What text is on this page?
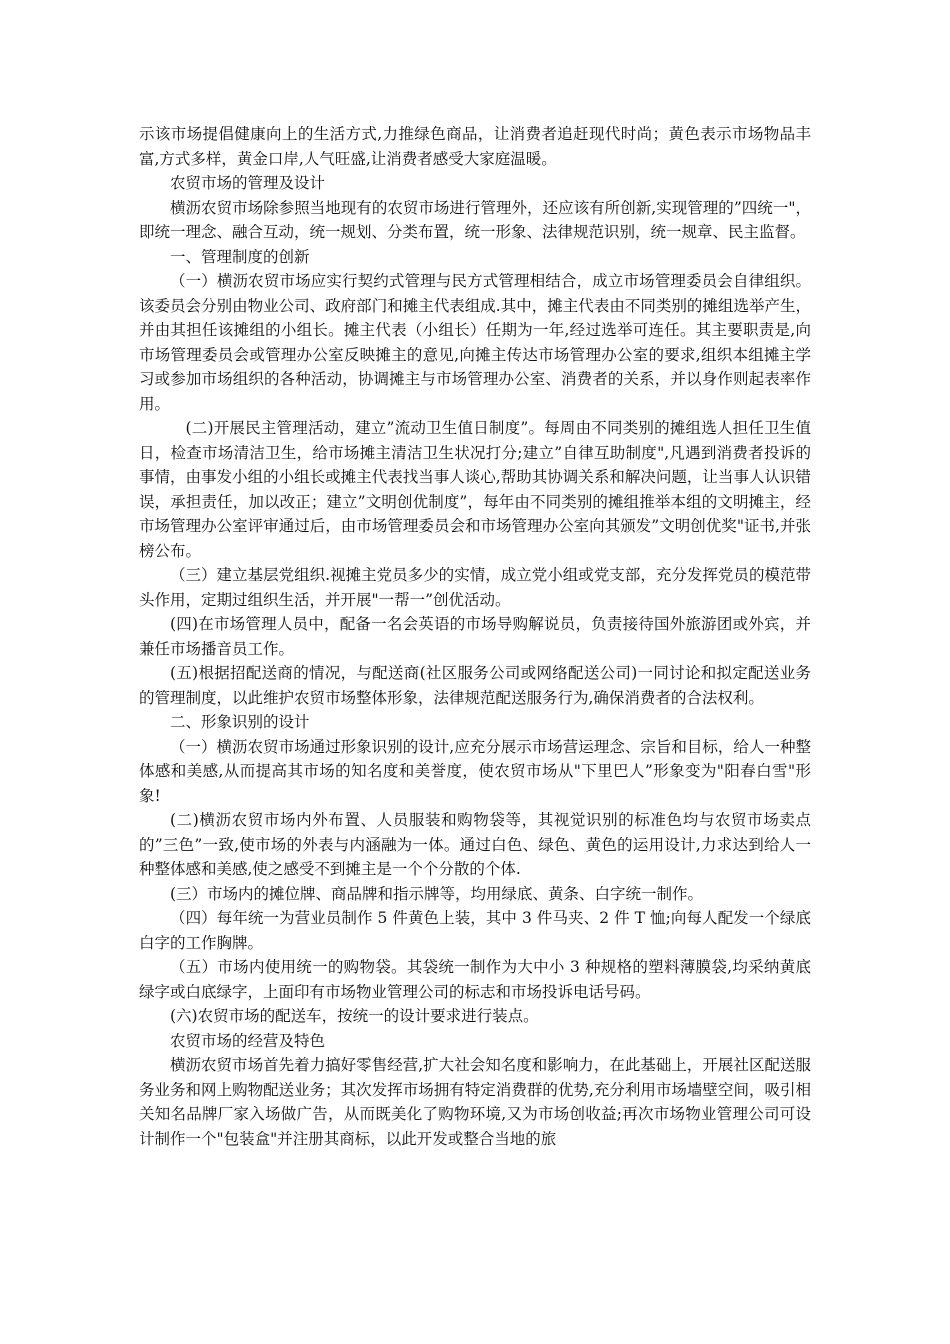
示该市场提倡健康向上的生活方式,力推绿色商品，让消费者追赶现代时尚；黄色表示市场物品丰富,方式多样，黄金口岸,人气旺盛,让消费者感受大家庭温暖。

农贸市场的管理及设计

横沥农贸市场除参照当地现有的农贸市场进行管理外，还应该有所创新,实现管理的”四统一"，即统一理念、融合互动，统一规划、分类布置，统一形象、法律规范识别，统一规章、民主监督。

一、管理制度的创新

（一）横沥农贸市场应实行契约式管理与民方式管理相结合，成立市场管理委员会自律组织。该委员会分别由物业公司、政府部门和摊主代表组成.其中，摊主代表由不同类别的摊组选举产生，并由其担任该摊组的小组长。摊主代表（小组长）任期为一年,经过选举可连任。其主要职责是,向市场管理委员会或管理办公室反映摊主的意见,向摊主传达市场管理办公室的要求,组织本组摊主学习或参加市场组织的各种活动，协调摊主与市场管理办公室、消费者的关系，并以身作则起表率作用。

(二)开展民主管理活动，建立”流动卫生值日制度”。每周由不同类别的摊组选人担任卫生值日，检查市场清洁卫生，给市场摊主清洁卫生状况打分;建立”自律互助制度",凡遇到消费者投诉的事情，由事发小组的小组长或摊主代表找当事人谈心,帮助其协调关系和解决问题，让当事人认识错误，承担责任，加以改正；建立”文明创优制度”，每年由不同类别的摊组推举本组的文明摊主，经市场管理办公室评审通过后，由市场管理委员会和市场管理办公室向其颁发”文明创优奖"证书,并张榜公布。

（三）建立基层党组织.视摊主党员多少的实情，成立党小组或党支部，充分发挥党员的模范带头作用，定期过组织生活，并开展"一帮一”创优活动。

(四)在市场管理人员中，配备一名会英语的市场导购解说员，负责接待国外旅游团或外宾，并兼任市场播音员工作。

(五)根据招配送商的情况，与配送商(社区服务公司或网络配送公司)一同讨论和拟定配送业务的管理制度，以此维护农贸市场整体形象，法律规范配送服务行为,确保消费者的合法权利。

二、形象识别的设计

（一）横沥农贸市场通过形象识别的设计,应充分展示市场营运理念、宗旨和目标，给人一种整体感和美感,从而提高其市场的知名度和美誉度，使农贸市场从"下里巴人”形象变为"阳春白雪"形象!

(二)横沥农贸市场内外布置、人员服装和购物袋等，其视觉识别的标准色均与农贸市场卖点的”三色”一致,使市场的外表与内涵融为一体。通过白色、绿色、黄色的运用设计,力求达到给人一种整体感和美感,使之感受不到摊主是一个个分散的个体.

(三）市场内的摊位牌、商品牌和指示牌等，均用绿底、黄条、白字统一制作。

（四）每年统一为营业员制作 5 件黄色上装，其中 3 件马夹、2 件 T 恤;向每人配发一个绿底白字的工作胸牌。

（五）市场内使用统一的购物袋。其袋统一制作为大中小 3 种规格的塑料薄膜袋,均采纳黄底绿字或白底绿字，上面印有市场物业管理公司的标志和市场投诉电话号码。

(六)农贸市场的配送车，按统一的设计要求进行装点。

农贸市场的经营及特色

横沥农贸市场首先着力搞好零售经营,扩大社会知名度和影响力，在此基础上，开展社区配送服务业务和网上购物配送业务；其次发挥市场拥有特定消费群的优势,充分利用市场墙壁空间，吸引相关知名品牌厂家入场做广告，从而既美化了购物环境,又为市场创收益;再次市场物业管理公司可设计制作一个"包装盒"并注册其商标，以此开发或整合当地的旅
